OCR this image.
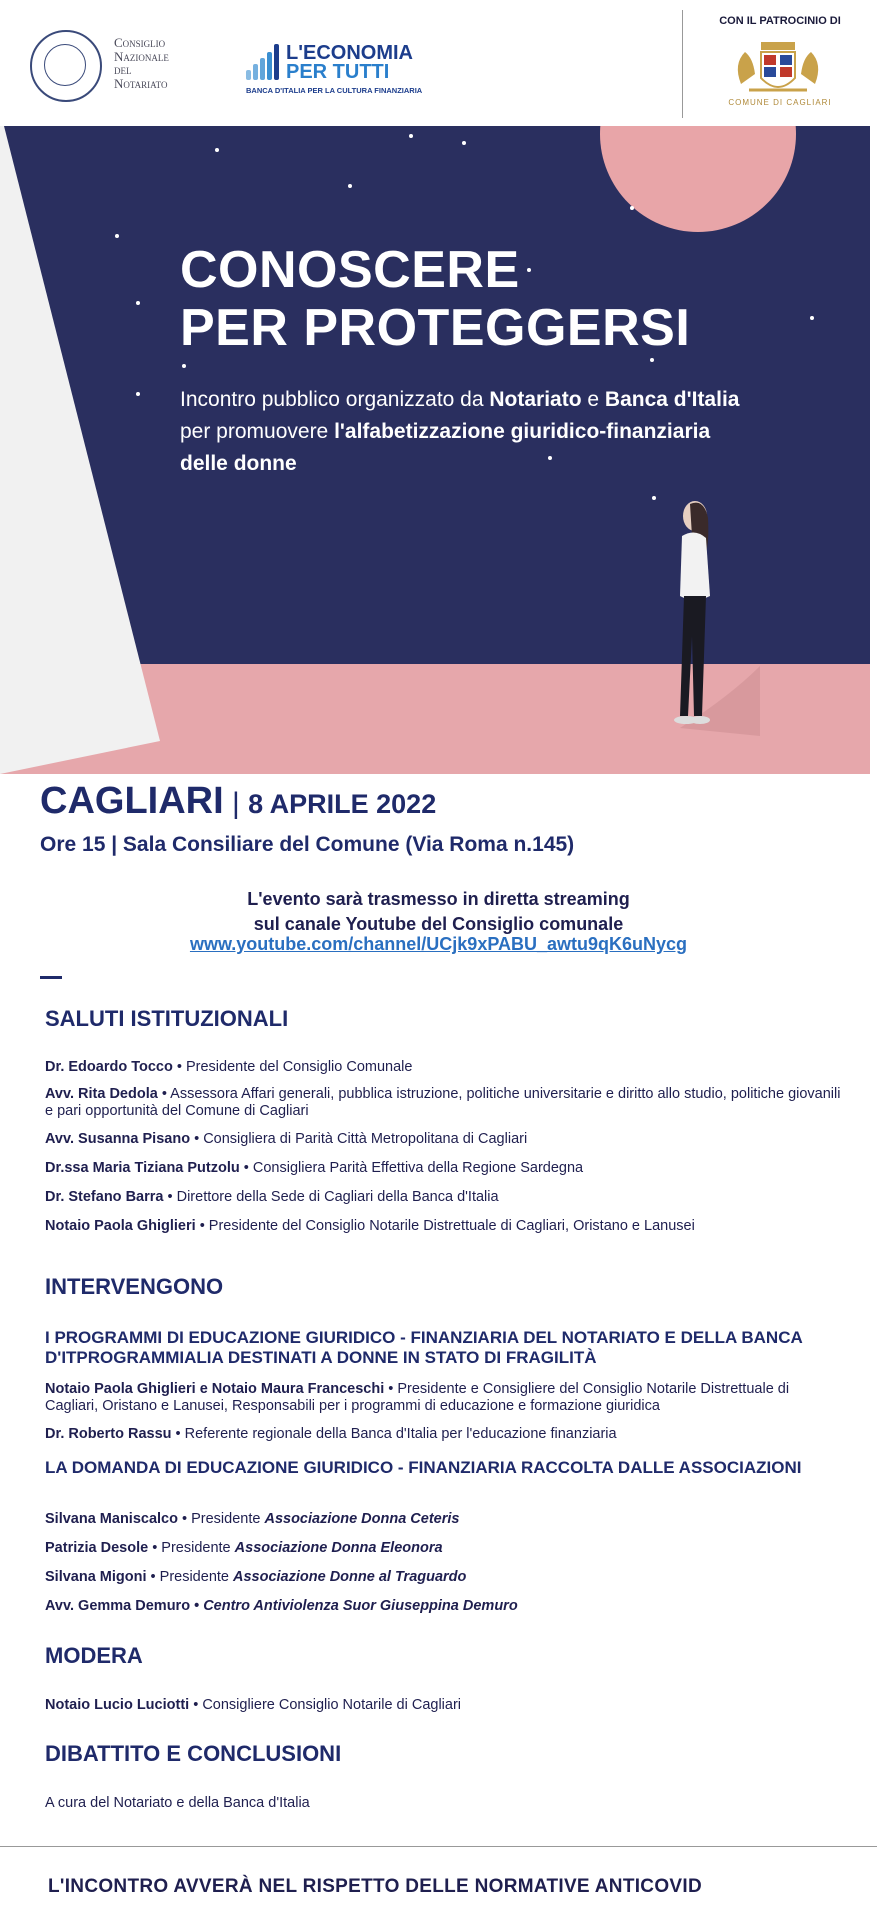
Consiglio
Nazionale
del
Notariato
L'ECONOMIA
PER TUTTI
BANCA D'ITALIA PER LA CULTURA FINANZIARIA
CON IL PATROCINIO DI
COMUNE DI CAGLIARI
CONOSCERE
PER PROTEGGERSI
Incontro pubblico organizzato da Notariato e Banca d'Italia per promuovere l'alfabetizzazione giuridico-finanziaria delle donne
CAGLIARI | 8 APRILE 2022
Ore 15 | Sala Consiliare del Comune (Via Roma n.145)
L'evento sarà trasmesso in diretta streaming
sul canale Youtube del Consiglio comunale
www.youtube.com/channel/UCjk9xPABU_awtu9qK6uNycg
SALUTI ISTITUZIONALI
Dr. Edoardo Tocco • Presidente del Consiglio Comunale
Avv. Rita Dedola • Assessora Affari generali, pubblica istruzione, politiche universitarie e diritto allo studio, politiche giovanili e pari opportunità del Comune di Cagliari
Avv. Susanna Pisano • Consigliera di Parità Città Metropolitana di Cagliari
Dr.ssa Maria Tiziana Putzolu • Consigliera Parità Effettiva della Regione Sardegna
Dr. Stefano Barra • Direttore della Sede di Cagliari della Banca d'Italia
Notaio Paola Ghiglieri • Presidente del Consiglio Notarile Distrettuale di Cagliari, Oristano e Lanusei
INTERVENGONO
I PROGRAMMI DI EDUCAZIONE GIURIDICO - FINANZIARIA DEL NOTARIATO E DELLA BANCA D'ITPROGRAMMIALIA DESTINATI A DONNE IN STATO DI FRAGILITÀ
Notaio Paola Ghiglieri e Notaio Maura Franceschi • Presidente e Consigliere del Consiglio Notarile Distrettuale di Cagliari, Oristano e Lanusei, Responsabili per i programmi di educazione e formazione giuridica
Dr. Roberto Rassu • Referente regionale della Banca d'Italia per l'educazione finanziaria
LA DOMANDA DI EDUCAZIONE GIURIDICO - FINANZIARIA RACCOLTA DALLE ASSOCIAZIONI
Silvana Maniscalco • Presidente Associazione Donna Ceteris
Patrizia Desole • Presidente Associazione Donna Eleonora
Silvana Migoni • Presidente Associazione Donne al Traguardo
Avv. Gemma Demuro • Centro Antiviolenza Suor Giuseppina Demuro
MODERA
Notaio Lucio Luciotti • Consigliere Consiglio Notarile di Cagliari
DIBATTITO E CONCLUSIONI
A cura del Notariato e della Banca d'Italia
L'INCONTRO AVVERÀ NEL RISPETTO DELLE NORMATIVE ANTICOVID
